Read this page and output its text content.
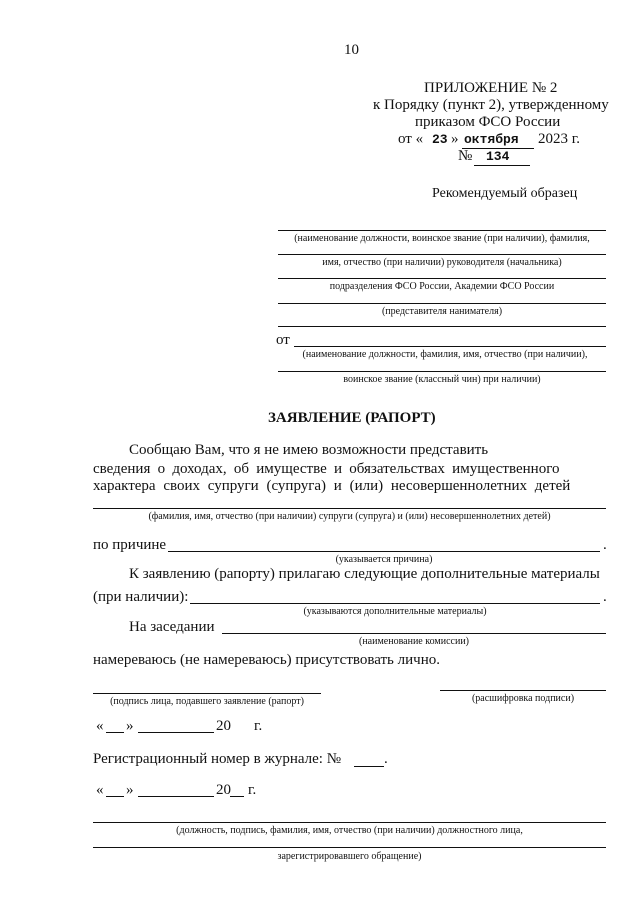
10
ПРИЛОЖЕНИЕ № 2
к Порядку (пункт 2), утвержденному
приказом ФСО России
от « 23 » октября 2023 г.
№ 134
Рекомендуемый образец
(наименование должности, воинское звание (при наличии), фамилия,
имя, отчество (при наличии) руководителя (начальника)
подразделения ФСО России, Академии ФСО России
(представителя нанимателя)
от
(наименование должности, фамилия, имя, отчество (при наличии),
воинское звание (классный чин) при наличии)
ЗАЯВЛЕНИЕ (РАПОРТ)
Сообщаю Вам, что я не имею возможности представить
сведения о доходах, об имуществе и обязательствах имущественного
характера своих супруги (супруга) и (или) несовершеннолетних детей
(фамилия, имя, отчество (при наличии) супруги (супруга) и (или) несовершеннолетних детей)
по причине	.
(указывается причина)
К заявлению (рапорту) прилагаю следующие дополнительные материалы
(при наличии):	.
(указываются дополнительные материалы)
На заседании
(наименование комиссии)
намереваюсь (не намереваюсь) присутствовать лично.
(подпись лица, подавшего заявление (рапорт)	(расшифровка подписи)
« »	20 г.
Регистрационный номер в журнале: №	.
« »	20 г.
(должность, подпись, фамилия, имя, отчество (при наличии) должностного лица,
зарегистрировавшего обращение)
